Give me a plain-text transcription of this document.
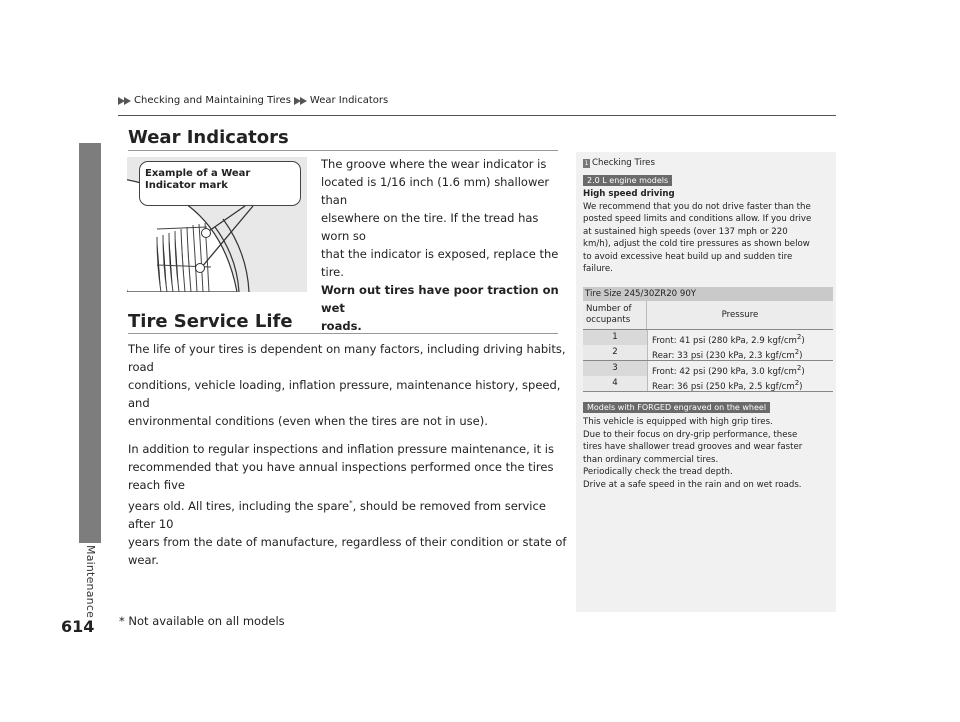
Checking and Maintaining Tires Wear Indicators
Maintenance
Wear Indicators
Example of a Wear
Indicator mark
The groove where the wear indicator is
located is 1/16 inch (1.6 mm) shallower than
elsewhere on the tire. If the tread has worn so
that the indicator is exposed, replace the tire.
Worn out tires have poor traction on wet
roads.
Tire Service Life

The life of your tires is dependent on many factors, including driving habits, road
conditions, vehicle loading, inflation pressure, maintenance history, speed, and
environmental conditions (even when the tires are not in use).

In addition to regular inspections and inflation pressure maintenance, it is
recommended that you have annual inspections performed once the tires reach five
years old. All tires, including the spare*, should be removed from service after 10
years from the date of manufacture, regardless of their condition or state of wear.

1 Checking Tires
2.0 L engine models
High speed driving
We recommend that you do not drive faster than the
posted speed limits and conditions allow. If you drive
at sustained high speeds (over 137 mph or 220
km/h), adjust the cold tire pressures as shown below
to avoid excessive heat build up and sudden tire
failure.
Tire Size 245/30ZR20 90Y
Number of
occupants	Pressure
1
2
Front: 41 psi (280 kPa, 2.9 kgf/$cm^2$)
Rear: 33 psi (230 kPa, 2.3 kgf/$cm^2$)
3
4
Front: 42 psi (290 kPa, 3.0 kgf/$cm^2$)
Rear: 36 psi (250 kPa, 2.5 kgf/$cm^2$)
Models with FORGED engraved on the wheel
This vehicle is equipped with high grip tires.
Due to their focus on dry-grip performance, these
tires have shallower tread grooves and wear faster
than ordinary commercial tires.
Periodically check the tread depth.
Drive at a safe speed in the rain and on wet roads.
614 * Not available on all models
